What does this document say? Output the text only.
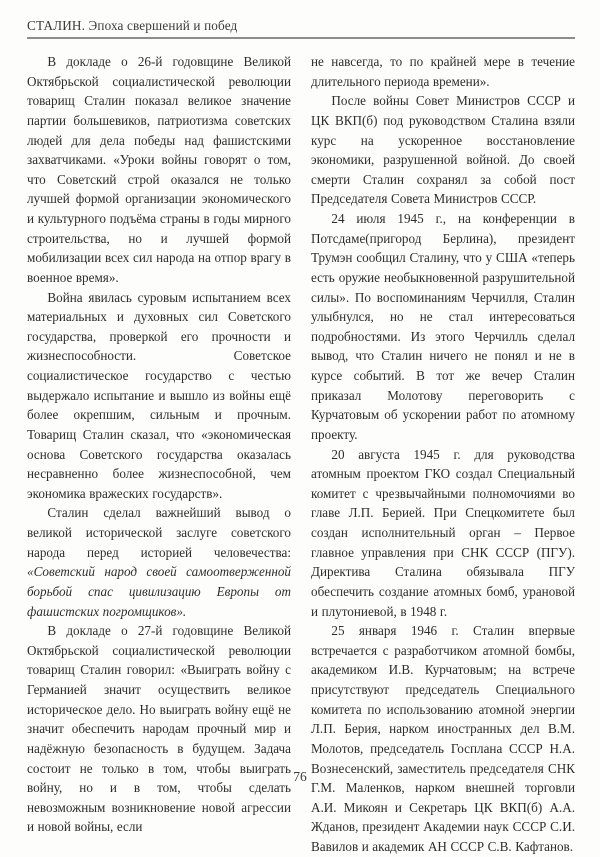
СТАЛИН. Эпоха свершений и побед

В докладе о 26-й годовщине Великой Октябрьской социалистической революции товарищ Сталин показал великое значение партии большевиков, патриотизма советских людей для дела победы над фашистскими захватчиками. «Уроки войны говорят о том, что Советский строй оказался не только лучшей формой организации экономического и культурного подъёма страны в годы мирного строительства, но и лучшей формой мобилизации всех сил народа на отпор врагу в военное время».

Война явилась суровым испытанием всех материальных и духовных сил Советского государства, проверкой его прочности и жизнеспособности. Советское социалистическое государство с честью выдержало испытание и вышло из войны ещё более окрепшим, сильным и прочным. Товарищ Сталин сказал, что «экономическая основа Советского государства оказалась несравненно более жизнеспособной, чем экономика вражеских государств».

Сталин сделал важнейший вывод о великой исторической заслуге советского народа перед историей человечества: «Советский народ своей самоотверженной борьбой спас цивилизацию Европы от фашистских погромщиков».

В докладе о 27-й годовщине Великой Октябрьской социалистической революции товарищ Сталин говорил: «Выиграть войну с Германией значит осуществить великое историческое дело. Но выиграть войну ещё не значит обеспечить народам прочный мир и надёжную безопасность в будущем. Задача состоит не только в том, чтобы выиграть войну, но и в том, чтобы сделать невозможным возникновение новой агрессии и новой войны, если

не навсегда, то по крайней мере в течение длительного периода времени».

После войны Совет Министров СССР и ЦК ВКП(б) под руководством Сталина взяли курс на ускоренное восстановление экономики, разрушенной войной. До своей смерти Сталин сохранял за собой пост Председателя Совета Министров СССР.

24 июля 1945 г., на конференции в Потсдаме(пригород Берлина), президент Трумэн сообщил Сталину, что у США «теперь есть оружие необыкновенной разрушительной силы». По воспоминаниям Черчилля, Сталин улыбнулся, но не стал интересоваться подробностями. Из этого Черчилль сделал вывод, что Сталин ничего не понял и не в курсе событий. В тот же вечер Сталин приказал Молотову переговорить с Курчатовым об ускорении работ по атомному проекту.

20 августа 1945 г. для руководства атомным проектом ГКО создал Специальный комитет с чрезвычайными полномочиями во главе Л.П. Берией. При Спецкомитете был создан исполнительный орган – Первое главное управления при СНК СССР (ПГУ). Директива Сталина обязывала ПГУ обеспечить создание атомных бомб, урановой и плутониевой, в 1948 г.

25 января 1946 г. Сталин впервые встречается с разработчиком атомной бомбы, академиком И.В. Курчатовым; на встрече присутствуют председатель Специального комитета по использованию атомной энергии Л.П. Берия, нарком иностранных дел В.М. Молотов, председатель Госплана СССР Н.А. Вознесенский, заместитель председателя СНК Г.М. Маленков, нарком внешней торговли А.И. Микоян и Секретарь ЦК ВКП(б) А.А. Жданов, президент Академии наук СССР С.И. Вавилов и академик АН СССР С.В. Кафтанов.

76
